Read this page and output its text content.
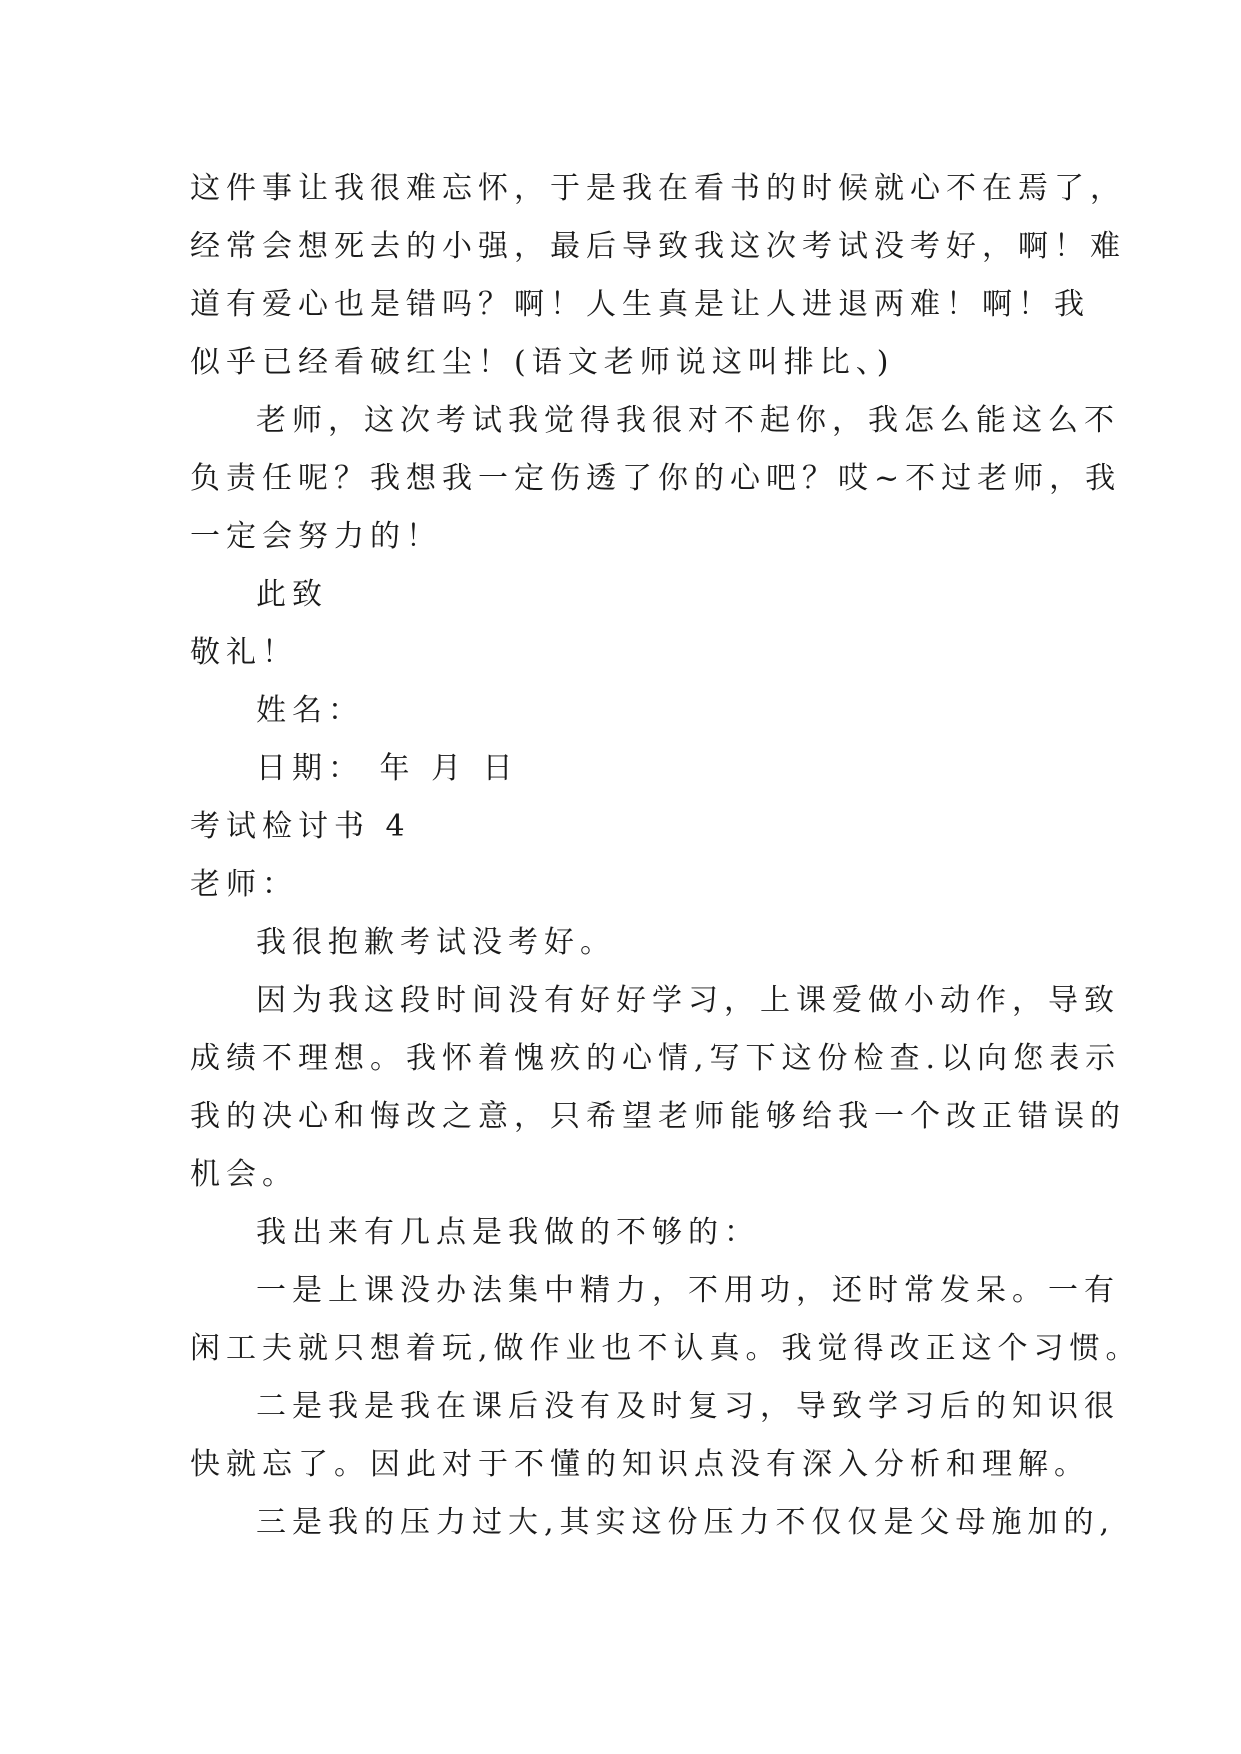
这件事让我很难忘怀，于是我在看书的时候就心不在焉了，
经常会想死去的小强，最后导致我这次考试没考好，啊！难
道有爱心也是错吗？啊！人生真是让人进退两难！啊！我
似乎已经看破红尘！(语文老师说这叫排比、)
老师，这次考试我觉得我很对不起你，我怎么能这么不
负责任呢？我想我一定伤透了你的心吧？哎~不过老师，我
一定会努力的！
此致
敬礼！
姓名：
日期： 年 月 日
考试检讨书 4
老师：
我很抱歉考试没考好。
因为我这段时间没有好好学习，上课爱做小动作，导致
成绩不理想。我怀着愧疚的心情,写下这份检查.以向您表示
我的决心和悔改之意，只希望老师能够给我一个改正错误的
机会。
我出来有几点是我做的不够的：
一是上课没办法集中精力，不用功，还时常发呆。一有
闲工夫就只想着玩,做作业也不认真。我觉得改正这个习惯。
二是我是我在课后没有及时复习，导致学习后的知识很
快就忘了。因此对于不懂的知识点没有深入分析和理解。
三是我的压力过大,其实这份压力不仅仅是父母施加的,
